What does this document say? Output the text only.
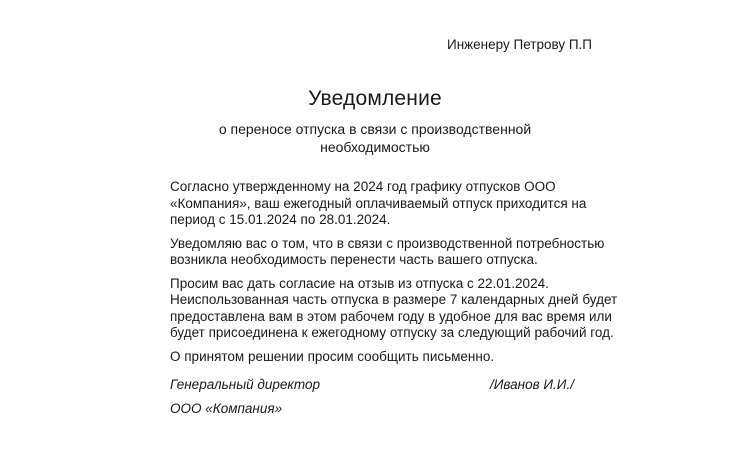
Инженеру Петрову П.П
Уведомление
о переносе отпуска в связи с производственной
необходимостью
Согласно утвержденному на 2024 год графику отпусков ООО
«Компания», ваш ежегодный оплачиваемый отпуск приходится на
период с 15.01.2024 по 28.01.2024.
Уведомляю вас о том, что в связи с производственной потребностью
возникла необходимость перенести часть вашего отпуска.
Просим вас дать согласие на отзыв из отпуска с 22.01.2024.
Неиспользованная часть отпуска в размере 7 календарных дней будет
предоставлена вам в этом рабочем году в удобное для вас время или
будет присоединена к ежегодному отпуску за следующий рабочий год.
О принятом решении просим сообщить письменно.
Генеральный директор	/Иванов И.И./
ООО «Компания»
